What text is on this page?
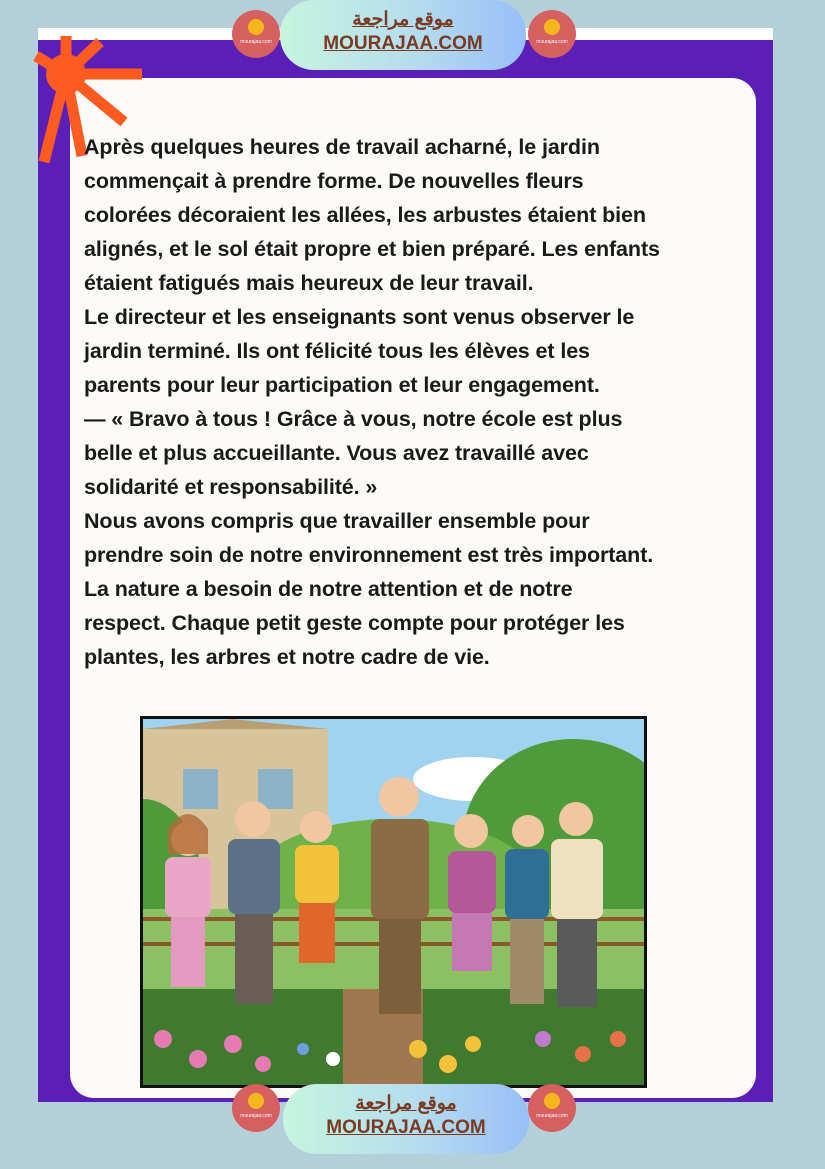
Après quelques heures de travail acharné, le jardin
commençait à prendre forme. De nouvelles fleurs
colorées décoraient les allées, les arbustes étaient bien
alignés, et le sol était propre et bien préparé. Les enfants
étaient fatigués mais heureux de leur travail.
Le directeur et les enseignants sont venus observer le
jardin terminé. Ils ont félicité tous les élèves et les
parents pour leur participation et leur engagement.
— « Bravo à tous ! Grâce à vous, notre école est plus
belle et plus accueillante. Vous avez travaillé avec
solidarité et responsabilité. »
Nous avons compris que travailler ensemble pour
prendre soin de notre environnement est très important.
La nature a besoin de notre attention et de notre
respect. Chaque petit geste compte pour protéger les
plantes, les arbres et notre cadre de vie.
mourajaa.com
موقع مراجعة
MOURAJAA.COM	mourajaa.com
mourajaa.com
موقع مراجعة
MOURAJAA.COM
mourajaa.com
